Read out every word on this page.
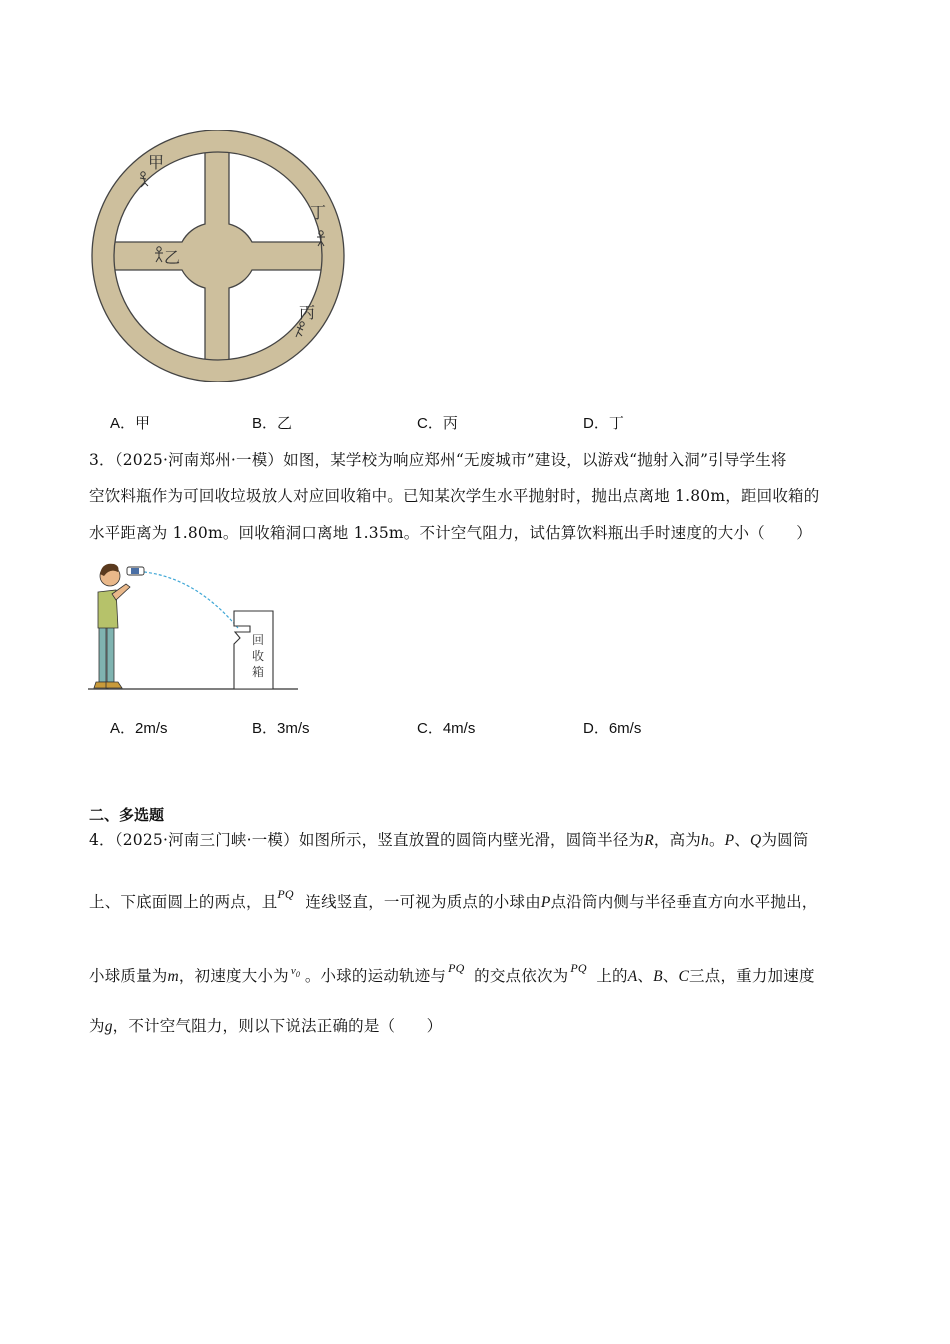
甲
丁
乙
丙
A．甲	B．乙	C．丙	D．丁
3．（2025·河南郑州·一模）如图，某学校为响应郑州“无废城市”建设，以游戏“抛射入洞”引导学生将
空饮料瓶作为可回收垃圾放人对应回收箱中。已知某次学生水平抛射时，抛出点离地 1.80m，距回收箱的
水平距离为 1.80m。回收箱洞口离地 1.35m。不计空气阻力，试估算饮料瓶出手时速度的大小（　　）
回
收
箱
A．2m/s	B．3m/s	C．4m/s	D．6m/s
二、多选题
4．（2025·河南三门峡·一模）如图所示，竖直放置的圆筒内壁光滑，圆筒半径为R，高为h。P、Q为圆筒
上、下底面圆上的两点，且 PQ 连线竖直，一可视为质点的小球由P点沿筒内侧与半径垂直方向水平抛出，
小球质量为m，初速度大小为 $v_0$ 。小球的运动轨迹与 PQ 的交点依次为 PQ 上的A、B、C三点，重力加速度
为g，不计空气阻力，则以下说法正确的是（　　）
